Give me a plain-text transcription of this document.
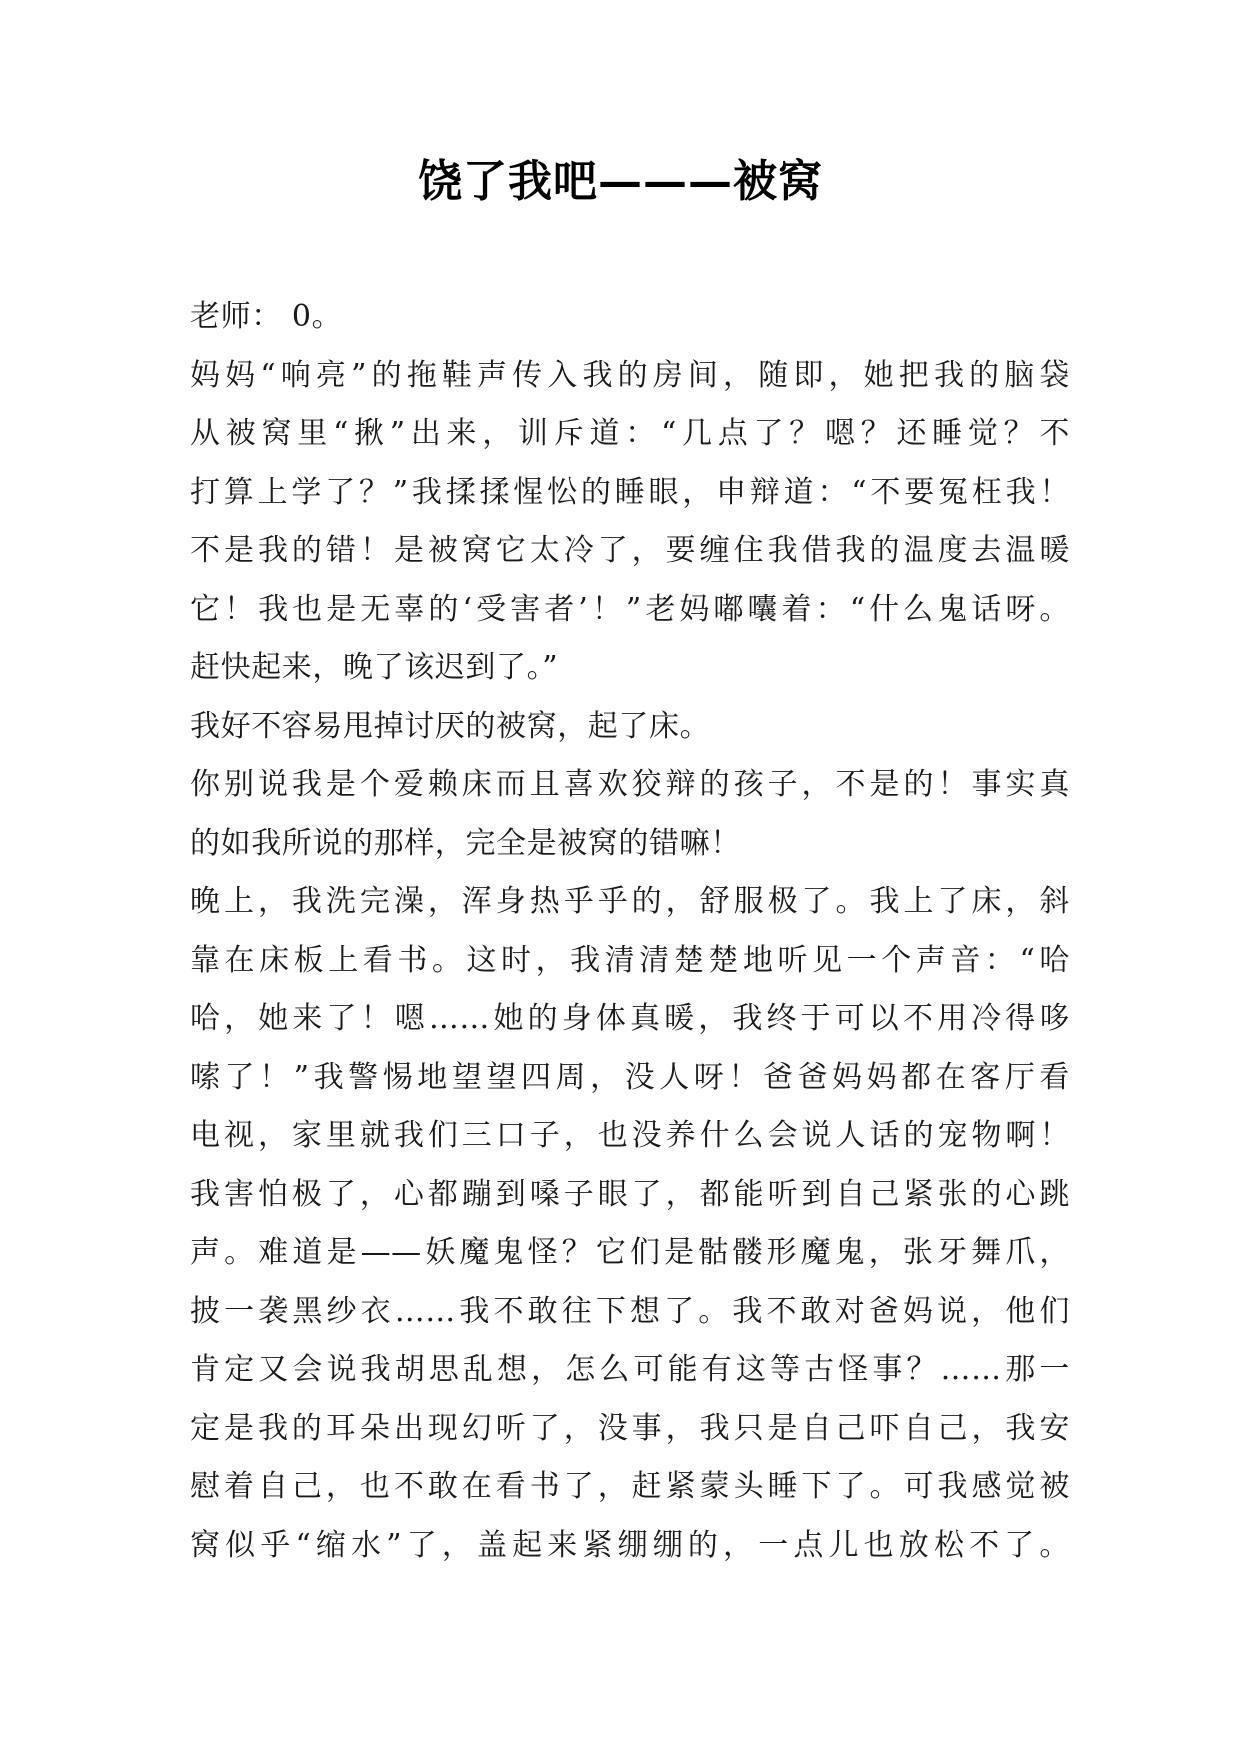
饶了我吧———被窝
老师： 0。
妈妈“响亮”的拖鞋声传入我的房间，随即，她把我的脑袋
从被窝里“揪”出来，训斥道：“几点了？嗯？还睡觉？不
打算上学了？”我揉揉惺忪的睡眼，申辩道：“不要冤枉我！
不是我的错！是被窝它太冷了，要缠住我借我的温度去温暖
它！我也是无辜的‘受害者’！”老妈嘟囔着：“什么鬼话呀。
赶快起来，晚了该迟到了。”
我好不容易甩掉讨厌的被窝，起了床。
你别说我是个爱赖床而且喜欢狡辩的孩子，不是的！事实真
的如我所说的那样，完全是被窝的错嘛！
晚上，我洗完澡，浑身热乎乎的，舒服极了。我上了床，斜
靠在床板上看书。这时，我清清楚楚地听见一个声音：“哈
哈，她来了！嗯……她的身体真暖，我终于可以不用冷得哆
嗦了！”我警惕地望望四周，没人呀！爸爸妈妈都在客厅看
电视，家里就我们三口子，也没养什么会说人话的宠物啊！
我害怕极了，心都蹦到嗓子眼了，都能听到自己紧张的心跳
声。难道是——妖魔鬼怪？它们是骷髅形魔鬼，张牙舞爪，
披一袭黑纱衣……我不敢往下想了。我不敢对爸妈说，他们
肯定又会说我胡思乱想，怎么可能有这等古怪事？……那一
定是我的耳朵出现幻听了，没事，我只是自己吓自己，我安
慰着自己，也不敢在看书了，赶紧蒙头睡下了。可我感觉被
窝似乎“缩水”了，盖起来紧绷绷的，一点儿也放松不了。
